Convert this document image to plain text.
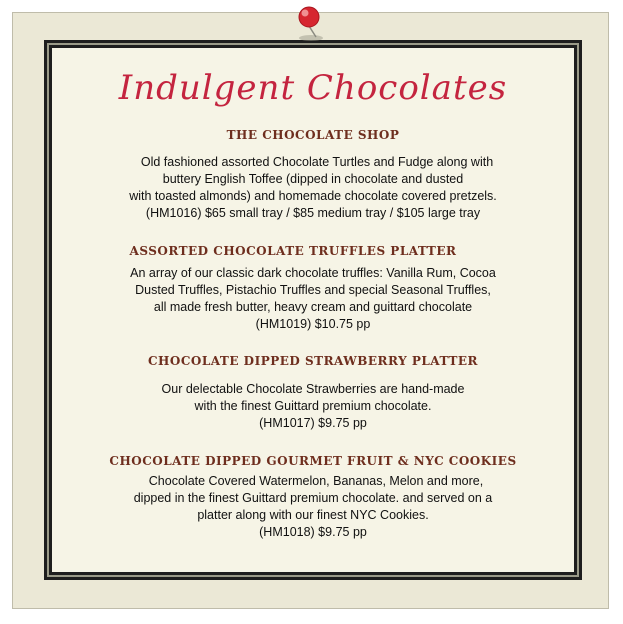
Indulgent Chocolates
THE CHOCOLATE SHOP
Old fashioned assorted Chocolate Turtles and Fudge along with
buttery English Toffee (dipped in chocolate and dusted
with toasted almonds) and homemade chocolate covered pretzels.
(HM1016) $65 small tray / $85 medium tray / $105 large tray
ASSORTED CHOCOLATE TRUFFLES PLATTER
An array of our classic dark chocolate truffles: Vanilla Rum, Cocoa
Dusted Truffles, Pistachio Truffles and special Seasonal Truffles,
all made fresh butter, heavy cream and guittard chocolate
(HM1019) $10.75 pp
CHOCOLATE DIPPED STRAWBERRY PLATTER
Our delectable Chocolate Strawberries are hand-made
with the finest Guittard premium chocolate.
(HM1017) $9.75 pp
CHOCOLATE DIPPED GOURMET FRUIT & NYC COOKIES
Chocolate Covered Watermelon, Bananas, Melon and more,
dipped in the finest Guittard premium chocolate. and served on a
platter along with our finest NYC Cookies.
(HM1018) $9.75 pp
